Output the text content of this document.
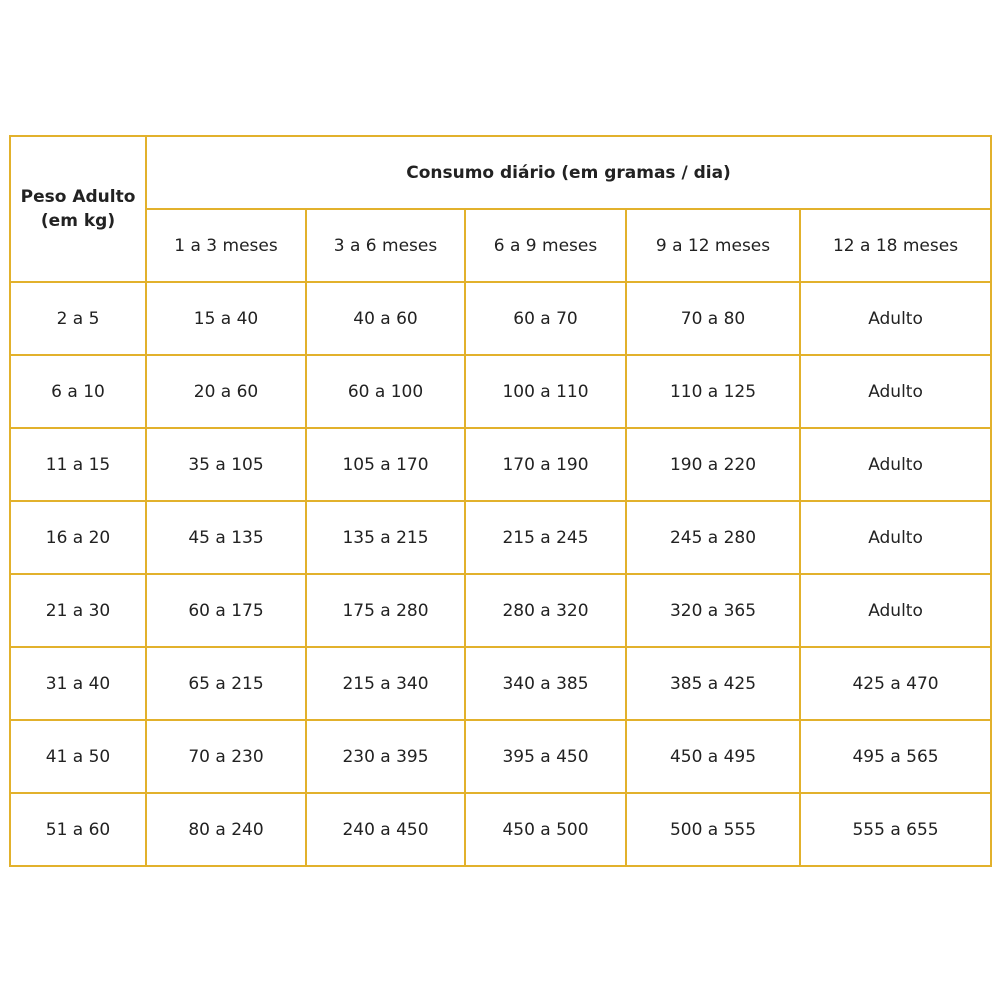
Peso Adulto
(em kg)	Consumo diário (em gramas / dia)				
	1 a 3 meses	3 a 6 meses	6 a 9 meses	9 a 12 meses	12 a 18 meses
2 a 5	15 a 40	40 a 60	60 a 70	70 a 80	Adulto
6 a 10	20 a 60	60 a 100	100 a 110	110 a 125	Adulto
11 a 15	35 a 105	105 a 170	170 a 190	190 a 220	Adulto
16 a 20	45 a 135	135 a 215	215 a 245	245 a 280	Adulto
21 a 30	60 a 175	175 a 280	280 a 320	320 a 365	Adulto
31 a 40	65 a 215	215 a 340	340 a 385	385 a 425	425 a 470
41 a 50	70 a 230	230 a 395	395 a 450	450 a 495	495 a 565
51 a 60	80 a 240	240 a 450	450 a 500	500 a 555	555 a 655
